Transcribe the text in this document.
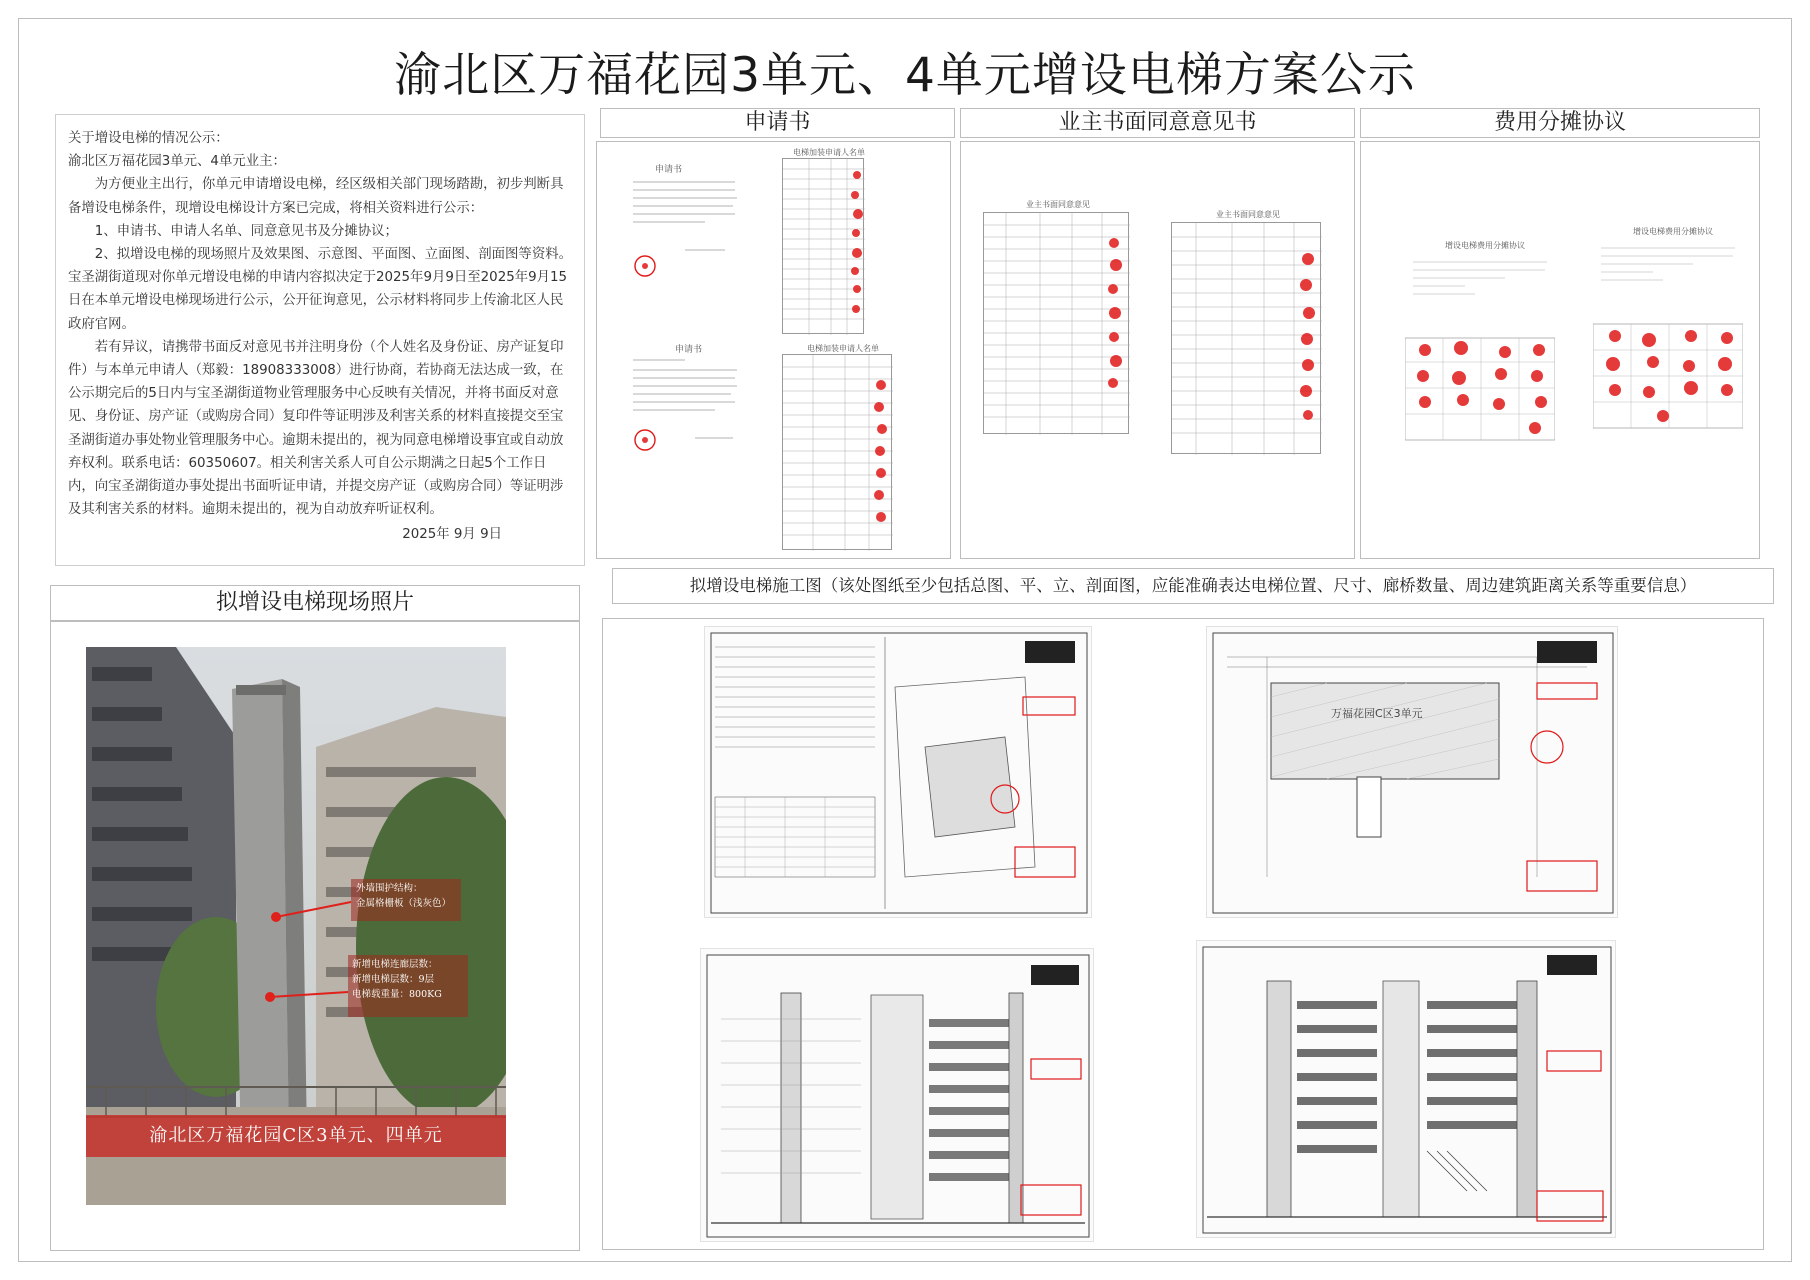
渝北区万福花园3单元、4单元增设电梯方案公示

关于增设电梯的情况公示：

渝北区万福花园3单元、4单元业主：

为方便业主出行，你单元申请增设电梯，经区级相关部门现场踏勘，初步判断具备增设电梯条件，现增设电梯设计方案已完成，将相关资料进行公示：

1、申请书、申请人名单、同意意见书及分摊协议；

2、拟增设电梯的现场照片及效果图、示意图、平面图、立面图、剖面图等资料。

宝圣湖街道现对你单元增设电梯的申请内容拟决定于2025年9月9日至2025年9月15日在本单元增设电梯现场进行公示，公开征询意见，公示材料将同步上传渝北区人民政府官网。

若有异议，请携带书面反对意见书并注明身份（个人姓名及身份证、房产证复印件）与本单元申请人（郑毅：18908333008）进行协商，若协商无法达成一致，在公示期完后的5日内与宝圣湖街道物业管理服务中心反映有关情况，并将书面反对意见、身份证、房产证（或购房合同）复印件等证明涉及利害关系的材料直接提交至宝圣湖街道办事处物业管理服务中心。逾期未提出的，视为同意电梯增设事宜或自动放弃权利。联系电话：60350607。相关利害关系人可自公示期满之日起5个工作日内，向宝圣湖街道办事处提出书面听证申请，并提交房产证（或购房合同）等证明涉及其利害关系的材料。逾期未提出的，视为自动放弃听证权利。

2025年 9月 9日

申请书	业主书面同意意见书	费用分摊协议
申请书
电梯加装申请人名单
申请书	电梯加装申请人名单
业主书面同意意见
业主书面同意意见
增设电梯费用分摊协议
增设电梯费用分摊协议
拟增设电梯现场照片
外墙围护结构：
金属格栅板（浅灰色）
新增电梯连廊层数：
新增电梯层数：9层
电梯载重量：800KG
渝北区万福花园C区3单元、四单元
拟增设电梯施工图（该处图纸至少包括总图、平、立、剖面图，应能准确表达电梯位置、尺寸、廊桥数量、周边建筑距离关系等重要信息）
万福花园C区3单元
